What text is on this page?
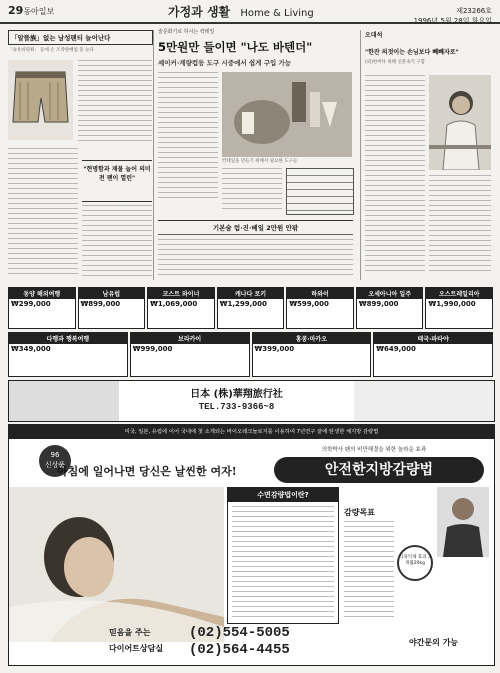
29동아일보	가정과 생활 Home & Living	제23266호
1996년 5월 28일 화요일
「알뜰族」없는 남성팬티 늘어난다
「속옷바꿔줘」 등에 손 조작판매업 등 늘다
"현명함과 재물 늘어 의미전 팬이 열린"
술문화기로 하시는 칵테일
5만원만 들이면 "나도 바텐더"
셰이커·계량컵등 도구 시중에서 쉽게 구입 가능
칵테일을 만들기 위해서 필요한 도구들
기본술 럼·진·베일 2만원 안팎
오대석
"한잔 의젓이는 손님보다 빼빼자로"
(외)한버다 위해 신분속기 구함
동양 해외여행
₩299,000
남유럽
₩899,000
코스트 와이너
₩1,069,000
캐나다 로키
₩1,299,000
하와이
₩599,000
오세아니아 일주
₩899,000
오스트레일리아
₩1,990,000
다행과 행복여행
₩349,000
보라카이
₩999,000
홍콩·마카오
₩399,000
태국·파타야
₩649,000
日本 (株)華翔旅行社
TEL.733-9366~8
미국, 일본, 유럽에 이어 국내에 첫 소개되는 바이오테크놀로지를 이용하여 7년연구 끝에 탄생한 체지방 감량법
96
신상품
의학박사 팬의 비만해결을 위한 놀라운 효과
아침에 일어나면 당신은 날씬한 여자!	안전한지방감량법
수면감량법이란?
감량목표
식욕억제 효과 3개월20kg
믿음을 주는
다이어트상담실
(02)554-5005
(02)564-4455	야간문의 가능
